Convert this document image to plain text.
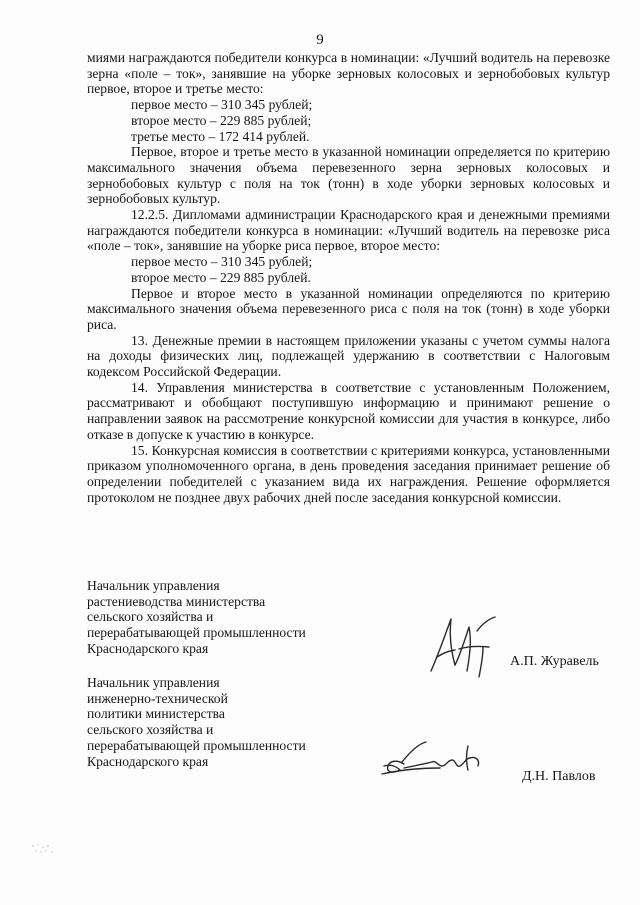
9

миями награждаются победители конкурса в номинации: «Лучший водитель на перевозке зерна «поле – ток», занявшие на уборке зерновых колосовых и зернобобовых культур первое, второе и третье место:

первое место – 310 345 рублей;

второе место – 229 885 рублей;

третье место – 172 414 рублей.

Первое, второе и третье место в указанной номинации определяется по критерию максимального значения объема перевезенного зерна зерновых колосовых и зернобобовых культур с поля на ток (тонн) в ходе уборки зерновых колосовых и зернобобовых культур.

12.2.5. Дипломами администрации Краснодарского края и денежными премиями награждаются победители конкурса в номинации: «Лучший водитель на перевозке риса «поле – ток», занявшие на уборке риса первое, второе место:

первое место – 310 345 рублей;

второе место – 229 885 рублей.

Первое и второе место в указанной номинации определяются по критерию максимального значения объема перевезенного риса с поля на ток (тонн) в ходе уборки риса.

13. Денежные премии в настоящем приложении указаны с учетом суммы налога на доходы физических лиц, подлежащей удержанию в соответствии с Налоговым кодексом Российской Федерации.

14. Управления министерства в соответствие с установленным Положением, рассматривают и обобщают поступившую информацию и принимают решение о направлении заявок на рассмотрение конкурсной комиссии для участия в конкурсе, либо отказе в допуске к участию в конкурсе.

15. Конкурсная комиссия в соответствии с критериями конкурса, установленными приказом уполномоченного органа, в день проведения заседания принимает решение об определении победителей с указанием вида их награждения. Решение оформляется протоколом не позднее двух рабочих дней после заседания конкурсной комиссии.

Начальник управления
растениеводства министерства
сельского хозяйства и
перерабатывающей промышленности
Краснодарского края
А.П. Журавель
Начальник управления
инженерно-технической
политики министерства
сельского хозяйства и
перерабатывающей промышленности
Краснодарского края
Д.Н. Павлов
